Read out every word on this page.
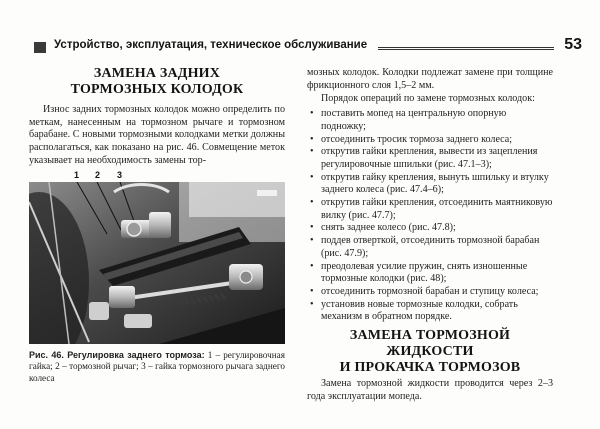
Устройство, эксплуатация, техническое обслуживание	53
ЗАМЕНА ЗАДНИХ
ТОРМОЗНЫХ КОЛОДОК

Износ задних тормозных колодок можно определить по меткам, нанесенным на тормозном рычаге и тормозном барабане. С новыми тормозными колодками метки должны располагаться, как показано на рис. 46. Совмещение меток указывает на необходимость замены тор-

1 2 3

Рис. 46. Регулировка заднего тормоза: 1 – регулировочная гайка; 2 – тормозной рычаг; 3 – гайка тормозного рычага заднего колеса

мозных колодок. Колодки подлежат замене при толщине фрикционного слоя 1,5–2 мм.

Порядок операций по замене тормозных колодок:

• поставить мопед на центральную опорную подножку;
• отсоединить тросик тормоза заднего колеса;
• открутив гайки крепления, вывести из зацепления регулировочные шпильки (рис. 47.1–3);
• открутив гайку крепления, вынуть шпильку и втулку заднего колеса (рис. 47.4–6);
• открутив гайки крепления, отсоединить маятниковую вилку (рис. 47.7);
• снять заднее колесо (рис. 47.8);
• поддев отверткой, отсоединить тормозной барабан (рис. 47.9);
• преодолевая усилие пружин, снять изношенные тормозные колодки (рис. 48);
• отсоединить тормозной барабан и ступицу колеса;
• установив новые тормозные колодки, собрать механизм в обратном порядке.
ЗАМЕНА ТОРМОЗНОЙ ЖИДКОСТИ
И ПРОКАЧКА ТОРМОЗОВ

Замена тормозной жидкости проводится через 2–3 года эксплуатации мопеда.
